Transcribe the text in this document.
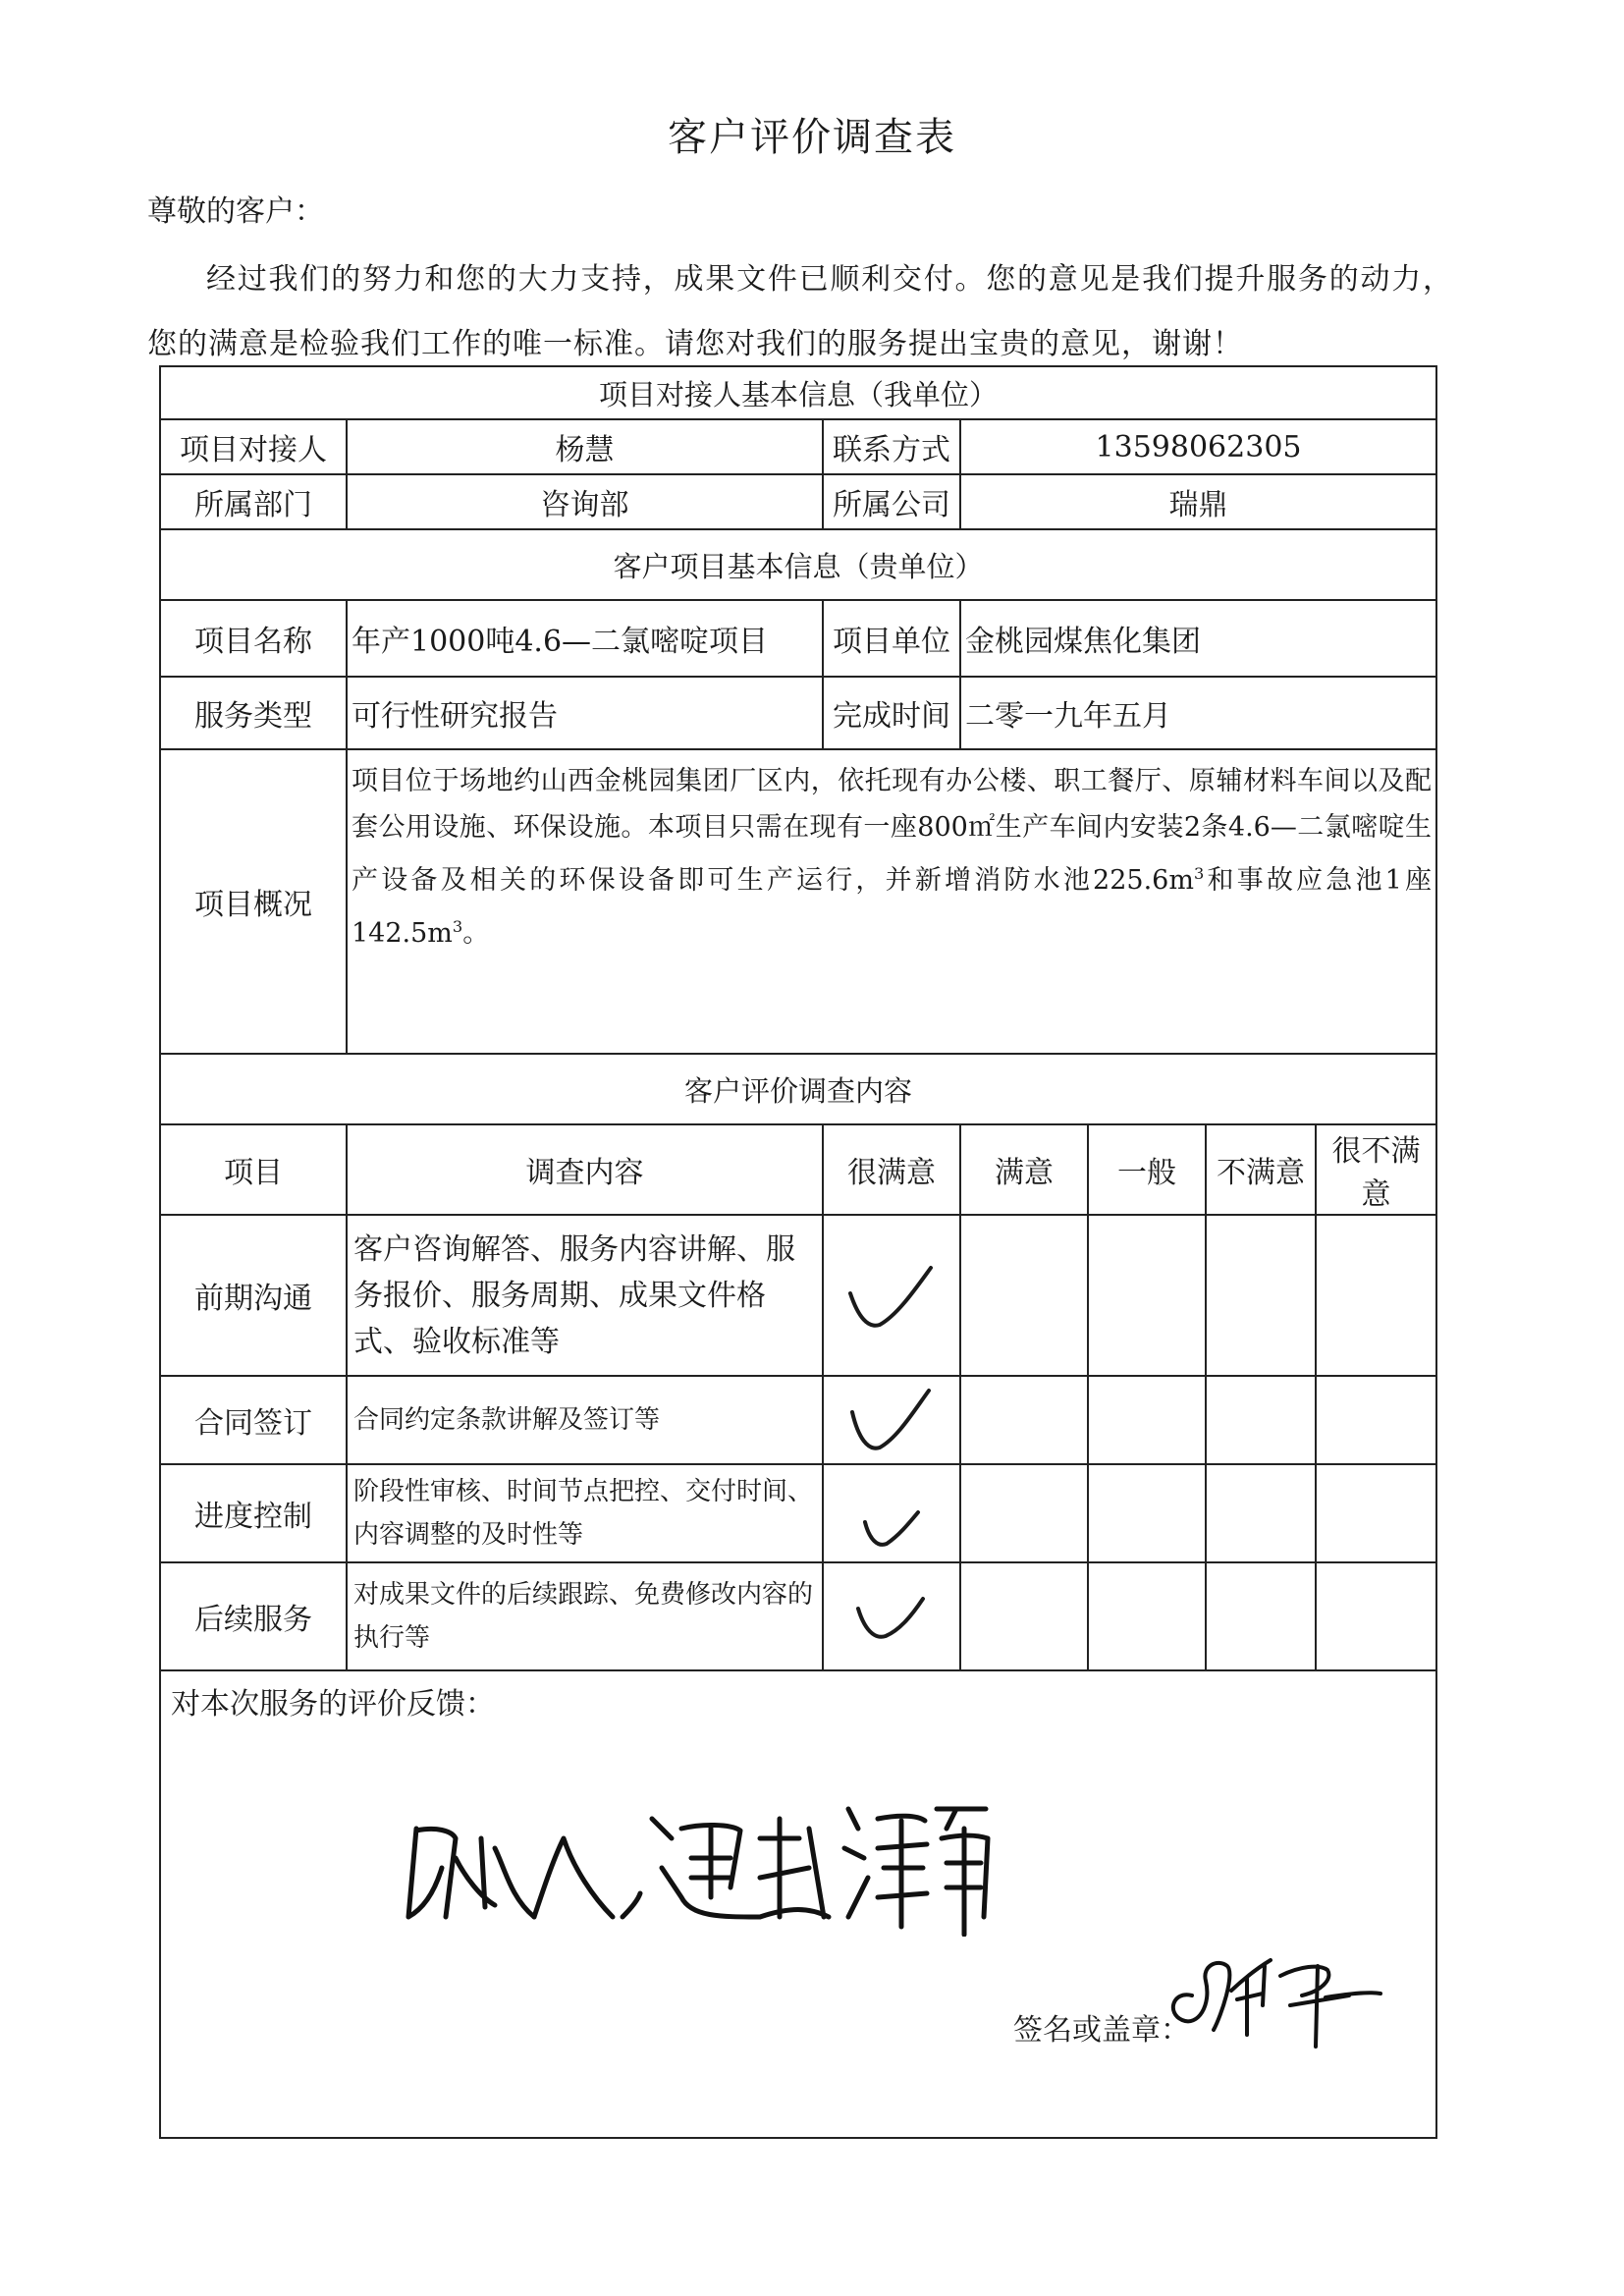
客户评价调查表
尊敬的客户：
经过我们的努力和您的大力支持，成果文件已顺利交付。您的意见是我们提升服务的动力，您的满意是检验我们工作的唯一标准。请您对我们的服务提出宝贵的意见，谢谢！
项目对接人基本信息（我单位）						
项目对接人	杨慧	联系方式	13598062305			
所属部门	咨询部	所属公司	瑞鼎			
客户项目基本信息（贵单位）						
项目名称	年产1000吨4.6—二氯嘧啶项目	项目单位	金桃园煤焦化集团			
服务类型	可行性研究报告	完成时间	二零一九年五月			
项目概况	项目位于场地约山西金桃园集团厂区内，依托现有办公楼、职工餐厅、原辅材料车间以及配套公用设施、环保设施。本项目只需在现有一座800㎡生产车间内安装2条4.6—二氯嘧啶生产设备及相关的环保设备即可生产运行，并新增消防水池$225.6m^3$和事故应急池1座$142.5m^3$。					
客户评价调查内容						
项目	调查内容	很满意	满意	一般	不满意	很不满意
前期沟通	客户咨询解答、服务内容讲解、服务报价、服务周期、成果文件格式、验收标准等	

合同签订	合同约定条款讲解及签订等	

进度控制	阶段性审核、时间节点把控、交付时间、内容调整的及时性等	

后续服务	对成果文件的后续跟踪、免费修改内容的执行等	

对本次服务的评价反馈：
签名或盖章：						
